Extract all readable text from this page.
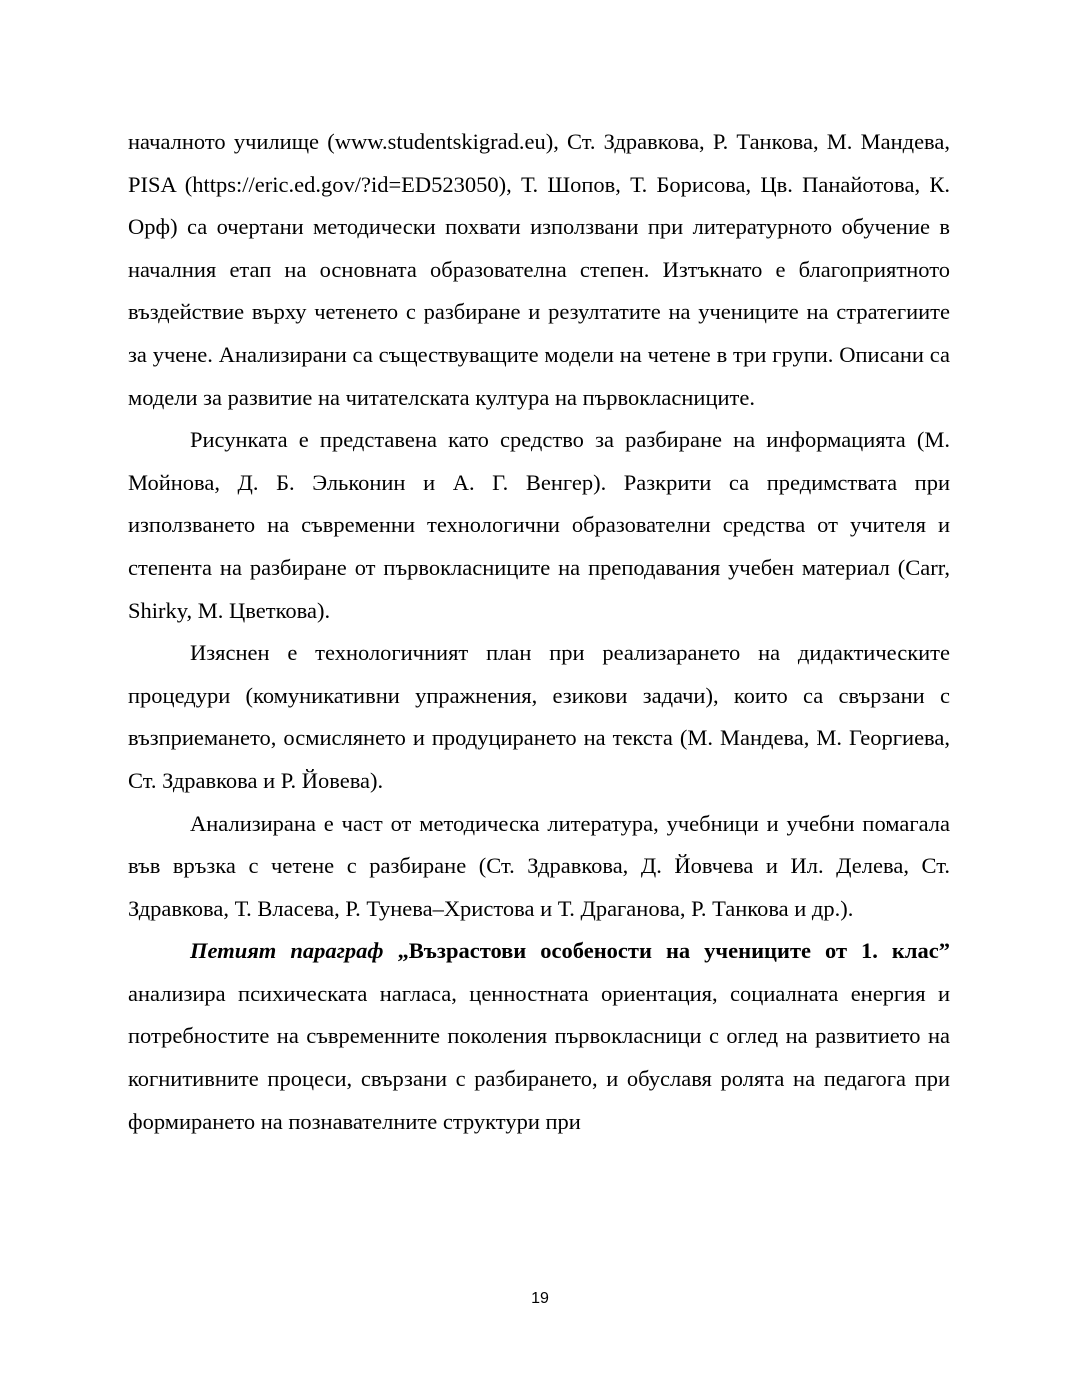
началното училище (www.studentskigrad.eu), Ст. Здравкова, Р. Танкова, М. Мандева, PISA (https://eric.ed.gov/?id=ED523050), Т. Шопов, Т. Борисова, Цв. Панайотова, К. Орф) са очертани методически похвати използвани при литературното обучение в началния етап на основната образователна степен. Изтъкнато е благоприятното въздействие върху четенето с разбиране и резултатите на учениците на стратегиите за учене. Анализирани са съществуващите модели на четене в три групи. Описани са модели за развитие на читателската култура на първокласниците.

Рисунката е представена като средство за разбиране на информацията (М. Мойнова, Д. Б. Эльконин и А. Г. Венгер). Разкрити са предимствата при използването на съвременни технологични образователни средства от учителя и степента на разбиране от първокласниците на преподавания учебен материал (Carr, Shirky, М. Цветкова).

Изяснен е технологичният план при реализарането на дидактическите процедури (комуникативни упражнения, езикови задачи), които са свързани с възприемането, осмислянето и продуцирането на текста (М. Мандева, М. Георгиева, Ст. Здравкова и Р. Йовева).

Анализирана е част от методическа литература, учебници и учебни помагала във връзка с четене с разбиране (Ст. Здравкова, Д. Йовчева и Ил. Делева, Ст. Здравкова, Т. Власева, Р. Тунева–Христова и Т. Драганова, Р. Танкова и др.).

Петият параграф „Възрастови особености на учениците от 1. клас” анализира психическата нагласа, ценностната ориентация, социалната енергия и потребностите на съвременните поколения първокласници с оглед на развитието на когнитивните процеси, свързани с разбирането, и обуславя ролята на педагога при формирането на познавателните структури при

19
